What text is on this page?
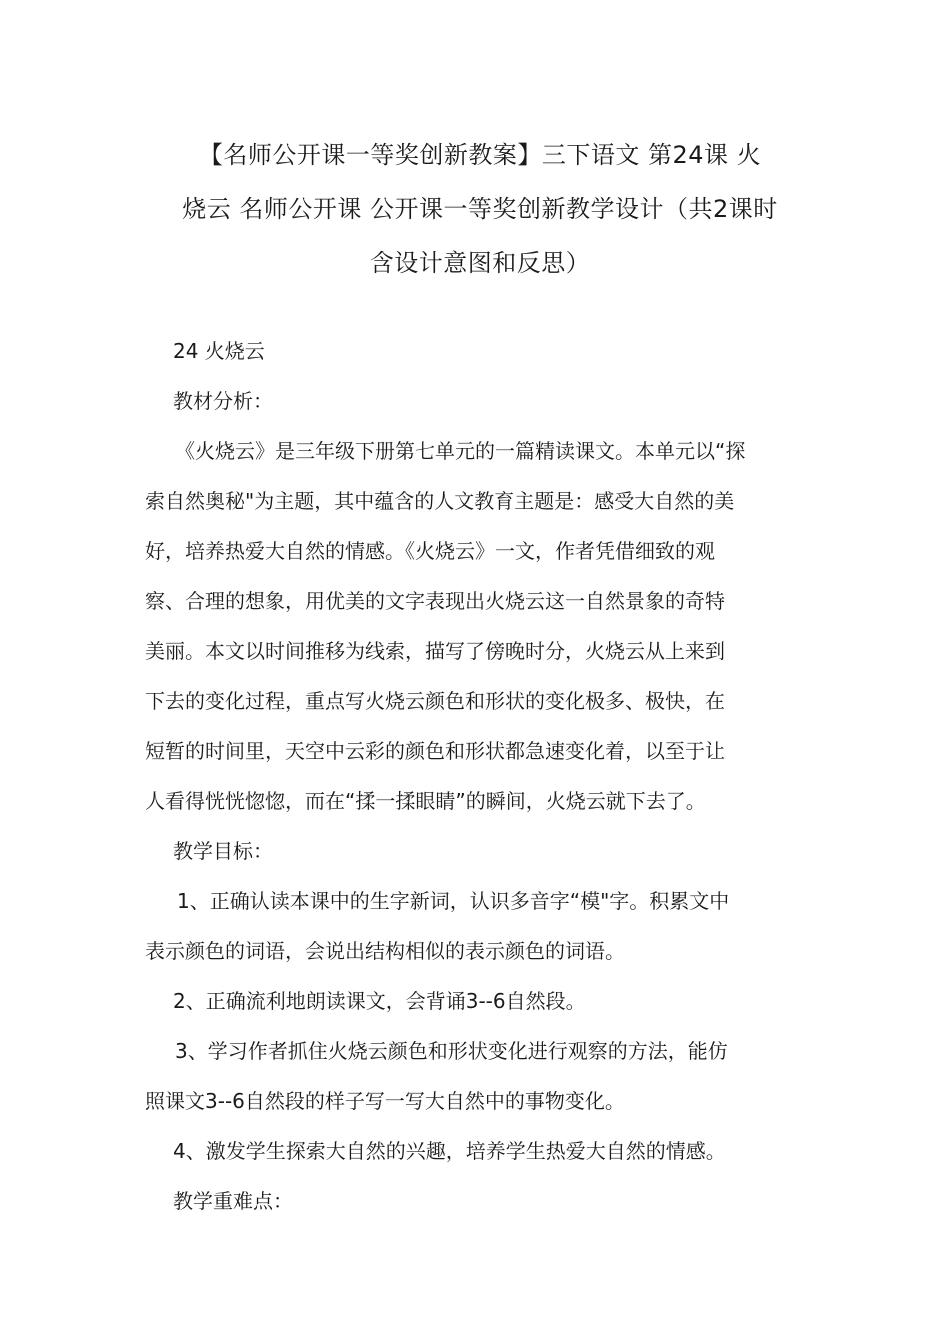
【名师公开课一等奖创新教案】三下语文 第24课 火
烧云 名师公开课 公开课一等奖创新教学设计（共2课时
含设计意图和反思）
24 火烧云
教材分析：
《火烧云》是三年级下册第七单元的一篇精读课文。本单元以“探
索自然奥秘"为主题，其中蕴含的人文教育主题是：感受大自然的美
好，培养热爱大自然的情感。《火烧云》一文，作者凭借细致的观
察、合理的想象，用优美的文字表现出火烧云这一自然景象的奇特
美丽。本文以时间推移为线索，描写了傍晚时分，火烧云从上来到
下去的变化过程，重点写火烧云颜色和形状的变化极多、极快，在
短暂的时间里，天空中云彩的颜色和形状都急速变化着，以至于让
人看得恍恍惚惚，而在“揉一揉眼睛”的瞬间，火烧云就下去了。
教学目标：
1、正确认读本课中的生字新词，认识多音字“模"字。积累文中
表示颜色的词语，会说出结构相似的表示颜色的词语。
2、正确流利地朗读课文，会背诵3--6自然段。
3、学习作者抓住火烧云颜色和形状变化进行观察的方法，能仿
照课文3--6自然段的样子写一写大自然中的事物变化。
4、激发学生探索大自然的兴趣，培养学生热爱大自然的情感。
教学重难点：
